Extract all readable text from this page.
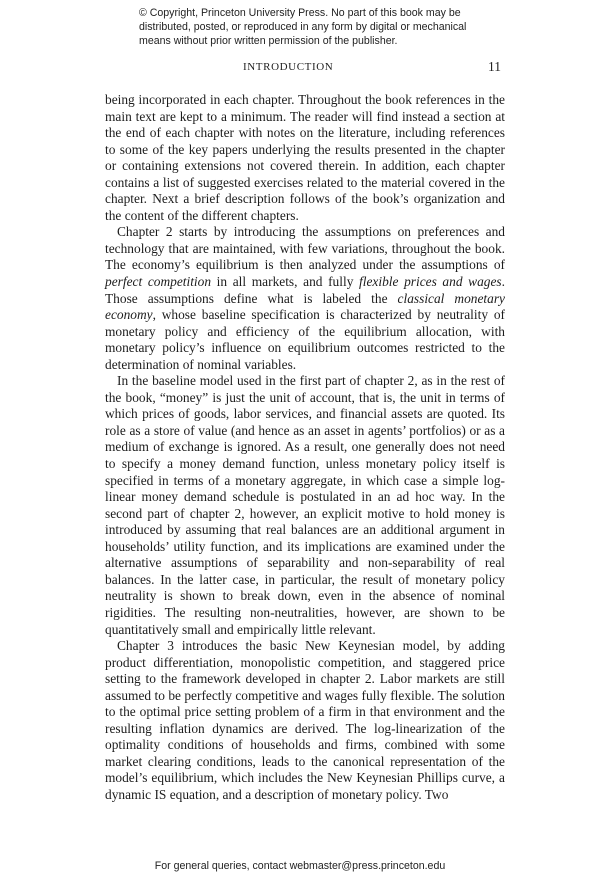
© Copyright, Princeton University Press. No part of this book may be
distributed, posted, or reproduced in any form by digital or mechanical
means without prior written permission of the publisher.
INTRODUCTION	11

being incorporated in each chapter. Throughout the book references in the main text are kept to a minimum. The reader will find instead a section at the end of each chapter with notes on the literature, including references to some of the key papers underlying the results presented in the chapter or containing extensions not covered therein. In addition, each chapter contains a list of suggested exercises related to the material covered in the chapter. Next a brief description follows of the book’s organization and the content of the different chapters.

Chapter 2 starts by introducing the assumptions on preferences and technology that are maintained, with few variations, throughout the book. The economy’s equilibrium is then analyzed under the assumptions of perfect competition in all markets, and fully flexible prices and wages. Those assumptions define what is labeled the classical monetary economy, whose baseline specification is characterized by neutrality of monetary policy and efficiency of the equilibrium allocation, with monetary policy’s influence on equilibrium outcomes restricted to the determination of nominal variables.

In the baseline model used in the first part of chapter 2, as in the rest of the book, “money” is just the unit of account, that is, the unit in terms of which prices of goods, labor services, and financial assets are quoted. Its role as a store of value (and hence as an asset in agents’ portfolios) or as a medium of exchange is ignored. As a result, one generally does not need to specify a money demand function, unless monetary policy itself is specified in terms of a monetary aggregate, in which case a simple log-linear money demand schedule is postulated in an ad hoc way. In the second part of chapter 2, however, an explicit motive to hold money is introduced by assuming that real balances are an additional argument in households’ utility function, and its implications are examined under the alternative assumptions of separability and non-separability of real balances. In the latter case, in particular, the result of monetary policy neutrality is shown to break down, even in the absence of nominal rigidities. The resulting non-neutralities, however, are shown to be quantitatively small and empirically little relevant.

Chapter 3 introduces the basic New Keynesian model, by adding product differentiation, monopolistic competition, and staggered price setting to the framework developed in chapter 2. Labor markets are still assumed to be perfectly competitive and wages fully flexible. The solution to the optimal price setting problem of a firm in that environment and the resulting inflation dynamics are derived. The log-linearization of the optimality conditions of households and firms, combined with some market clearing conditions, leads to the canonical representation of the model’s equilibrium, which includes the New Keynesian Phillips curve, a dynamic IS equation, and a description of monetary policy. Two

For general queries, contact webmaster@press.princeton.edu
